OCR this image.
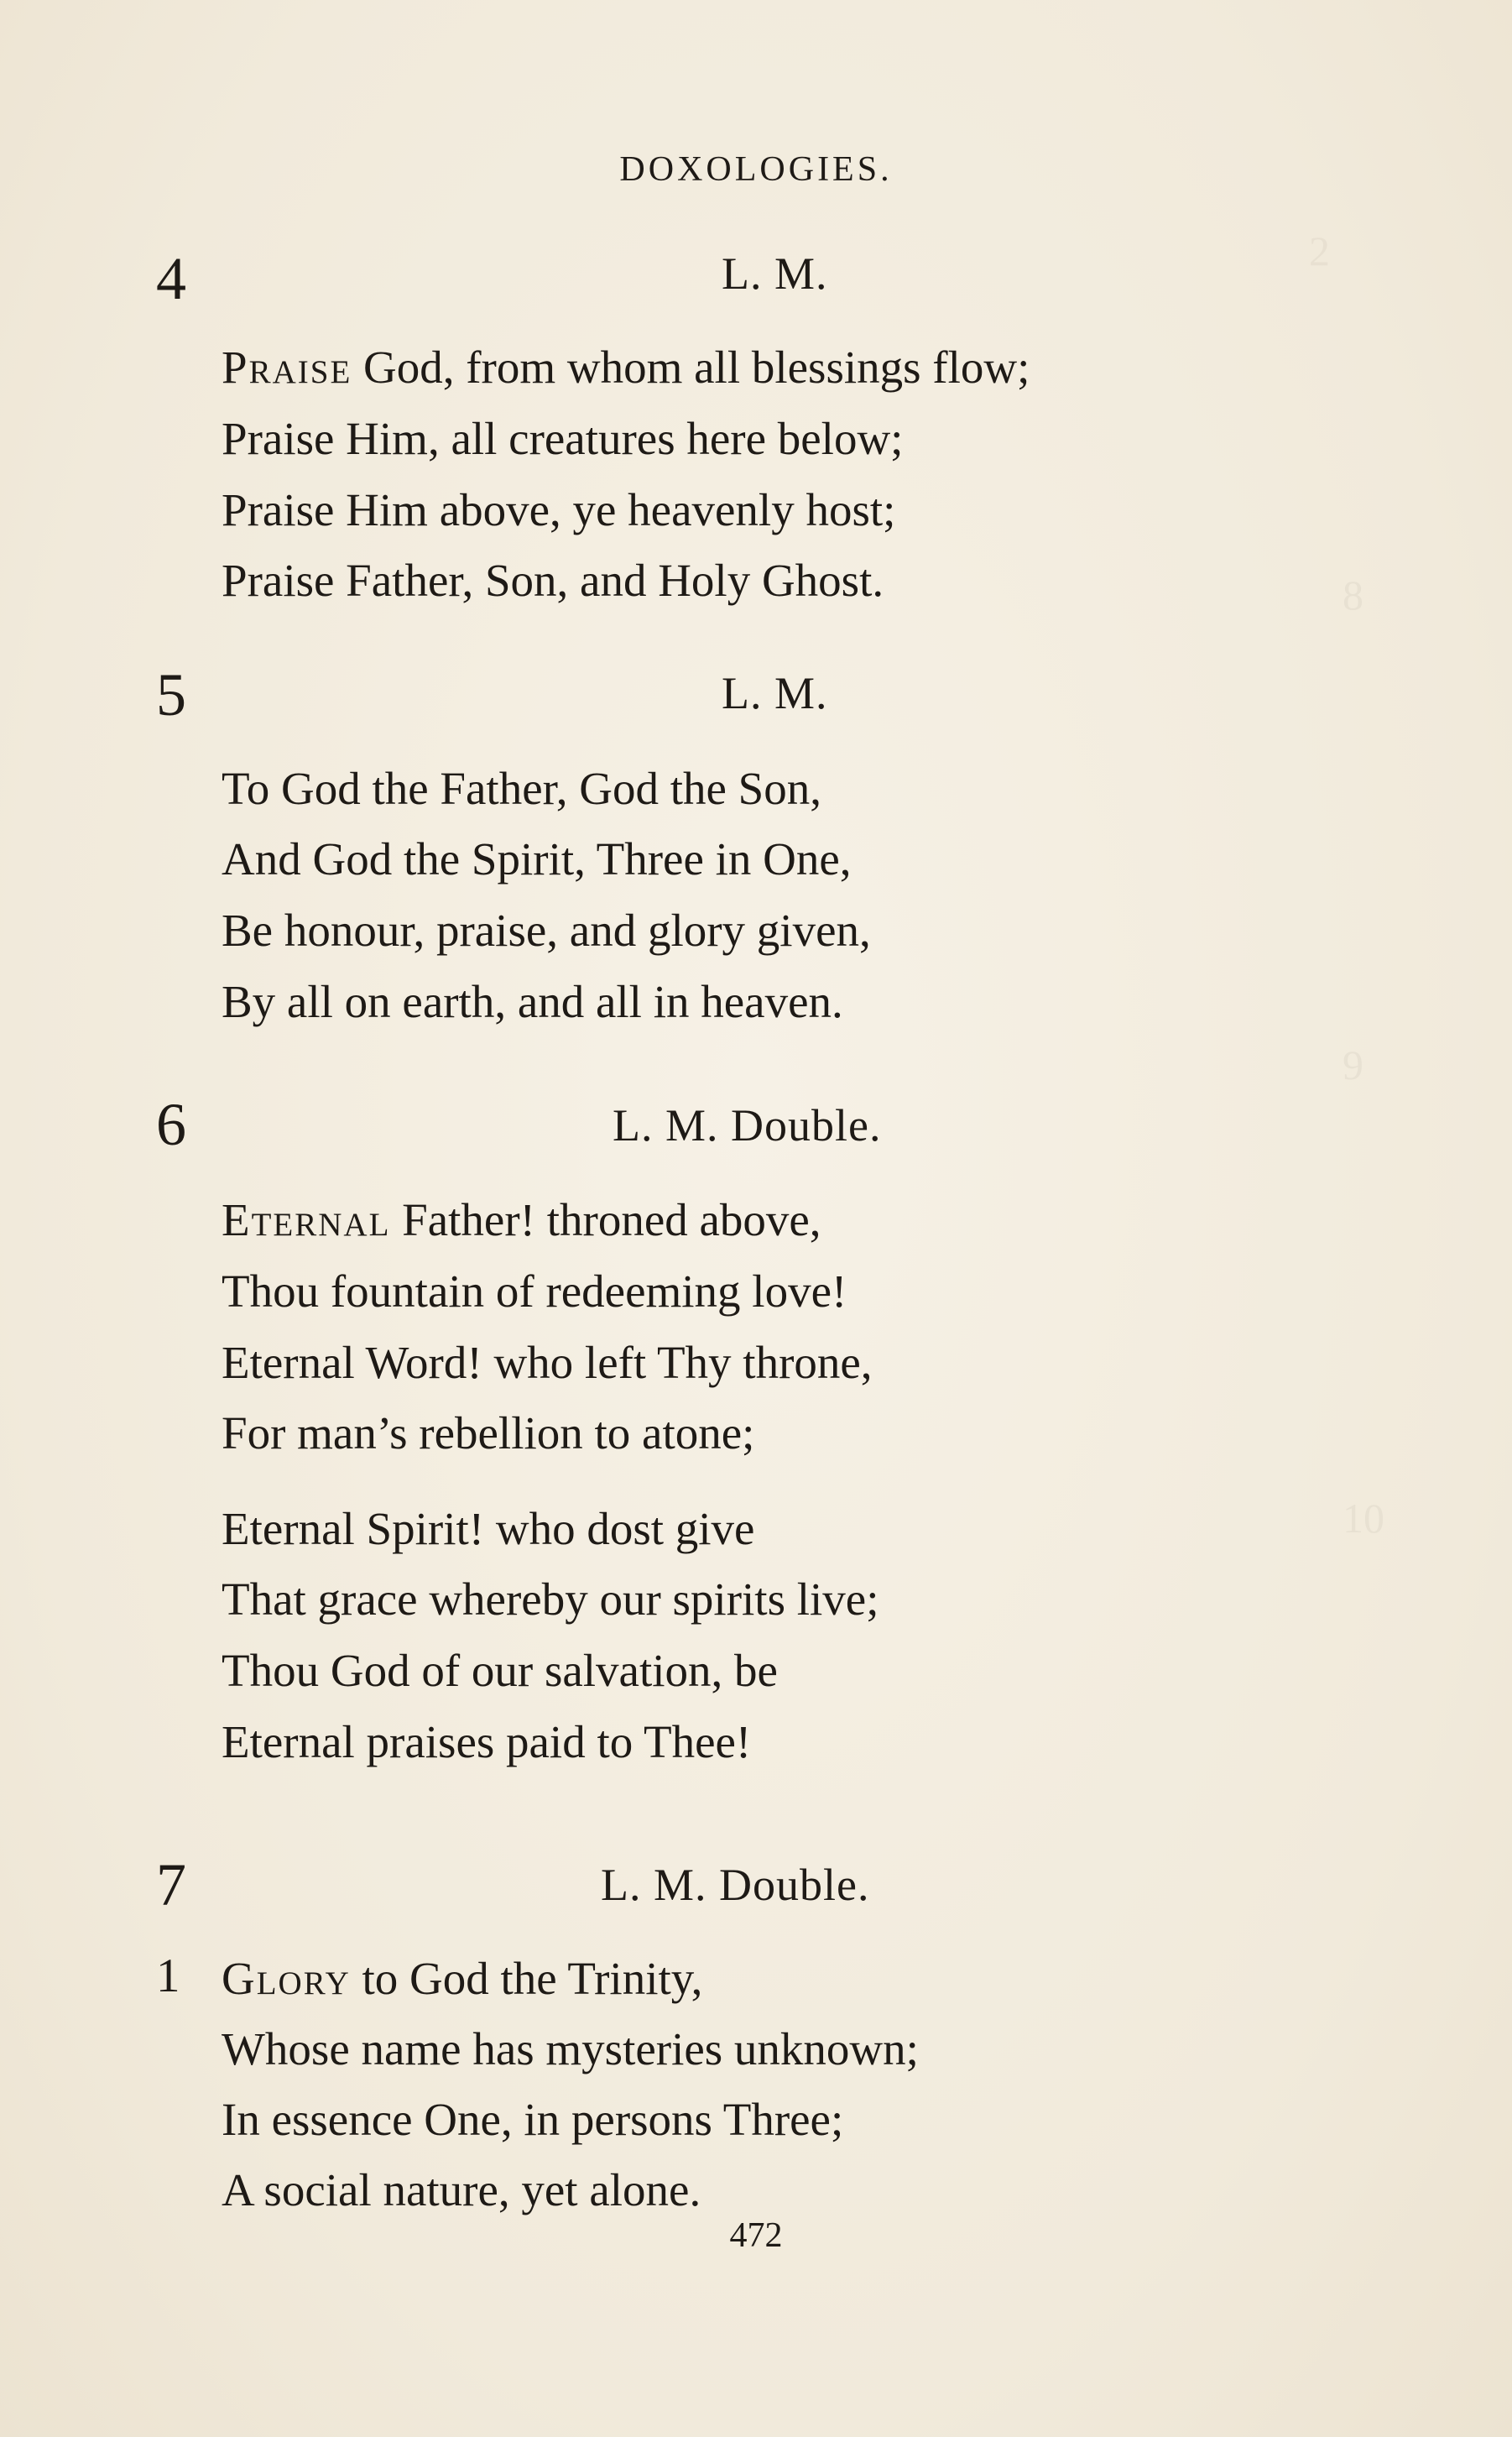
2
8
9
10
DOXOLOGIES.
4	L. M.
Praise God, from whom all blessings flow;
Praise Him, all creatures here below;
Praise Him above, ye heavenly host;
Praise Father, Son, and Holy Ghost.
5	L. M.
To God the Father, God the Son,
And God the Spirit, Three in One,
Be honour, praise, and glory given,
By all on earth, and all in heaven.
6	L. M. Double.
Eternal Father! throned above,
Thou fountain of redeeming love!
Eternal Word! who left Thy throne,
For man’s rebellion to atone;
Eternal Spirit! who dost give
That grace whereby our spirits live;
Thou God of our salvation, be
Eternal praises paid to Thee!
7	L. M. Double.
1 Glory to God the Trinity,
Whose name has mysteries unknown;
In essence One, in persons Three;
A social nature, yet alone.
472
